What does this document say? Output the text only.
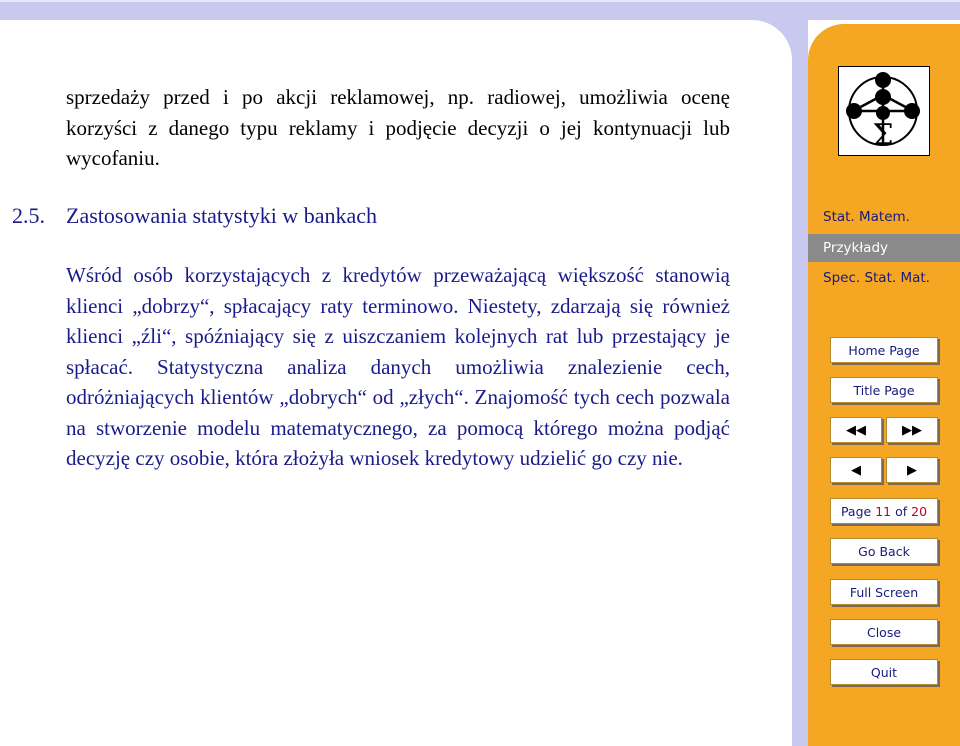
sprzedaży przed i po akcji reklamowej, np. radiowej, umożliwia ocenę korzyści z danego typu reklamy i podjęcie decyzji o jej kontynuacji lub wycofaniu.
2.5. Zastosowania statystyki w bankach
Wśród osób korzystających z kredytów przeważającą większość stanowią klienci „dobrzy“, spłacający raty terminowo. Niestety, zdarzają się również klienci „źli“, spóźniający się z uiszczaniem kolejnych rat lub przestający je spłacać. Statystyczna analiza danych umożliwia znalezienie cech, odróżniających klientów „dobrych“ od „złych“. Znajomość tych cech pozwala na stworzenie modelu matematycznego, za pomocą którego można podjąć decyzję czy osobie, która złożyła wniosek kredytowy udzielić go czy nie.
Σ
Stat. Matem.
Przykłady
Spec. Stat. Mat.
Home Page
Title Page
◀◀	▶▶
◀	▶
Page 11 of 20
Go Back
Full Screen
Close
Quit
